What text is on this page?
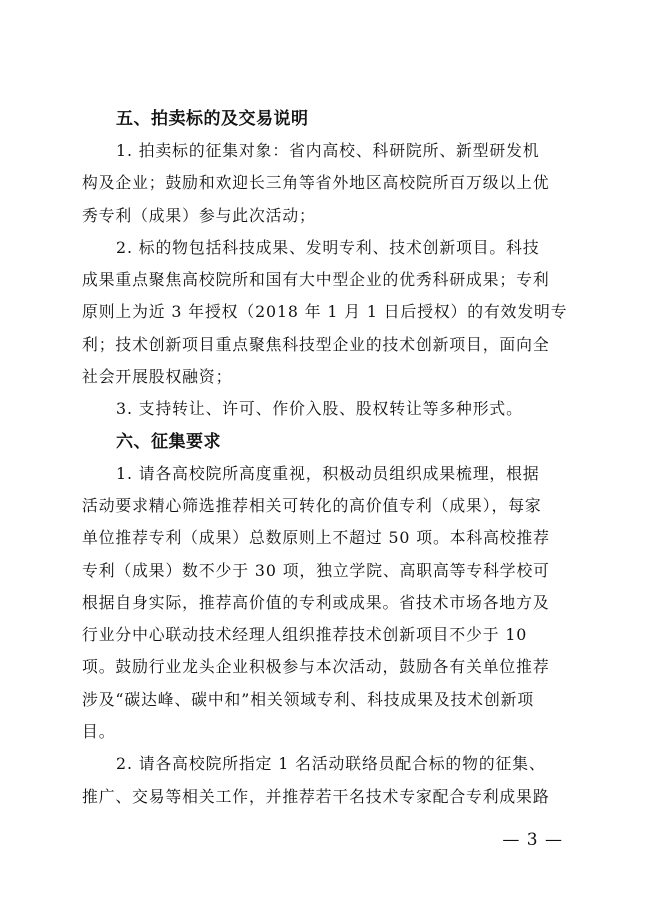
五、拍卖标的及交易说明
1. 拍卖标的征集对象：省内高校、科研院所、新型研发机
构及企业；鼓励和欢迎长三角等省外地区高校院所百万级以上优
秀专利（成果）参与此次活动；
2. 标的物包括科技成果、发明专利、技术创新项目。科技
成果重点聚焦高校院所和国有大中型企业的优秀科研成果；专利
原则上为近 3 年授权（2018 年 1 月 1 日后授权）的有效发明专
利；技术创新项目重点聚焦科技型企业的技术创新项目，面向全
社会开展股权融资；
3. 支持转让、许可、作价入股、股权转让等多种形式。
六、征集要求
1. 请各高校院所高度重视，积极动员组织成果梳理，根据
活动要求精心筛选推荐相关可转化的高价值专利（成果），每家
单位推荐专利（成果）总数原则上不超过 50 项。本科高校推荐
专利（成果）数不少于 30 项，独立学院、高职高等专科学校可
根据自身实际，推荐高价值的专利或成果。省技术市场各地方及
行业分中心联动技术经理人组织推荐技术创新项目不少于 10
项。鼓励行业龙头企业积极参与本次活动，鼓励各有关单位推荐
涉及“碳达峰、碳中和”相关领域专利、科技成果及技术创新项
目。
2. 请各高校院所指定 1 名活动联络员配合标的物的征集、
推广、交易等相关工作，并推荐若干名技术专家配合专利成果路
— 3 —
